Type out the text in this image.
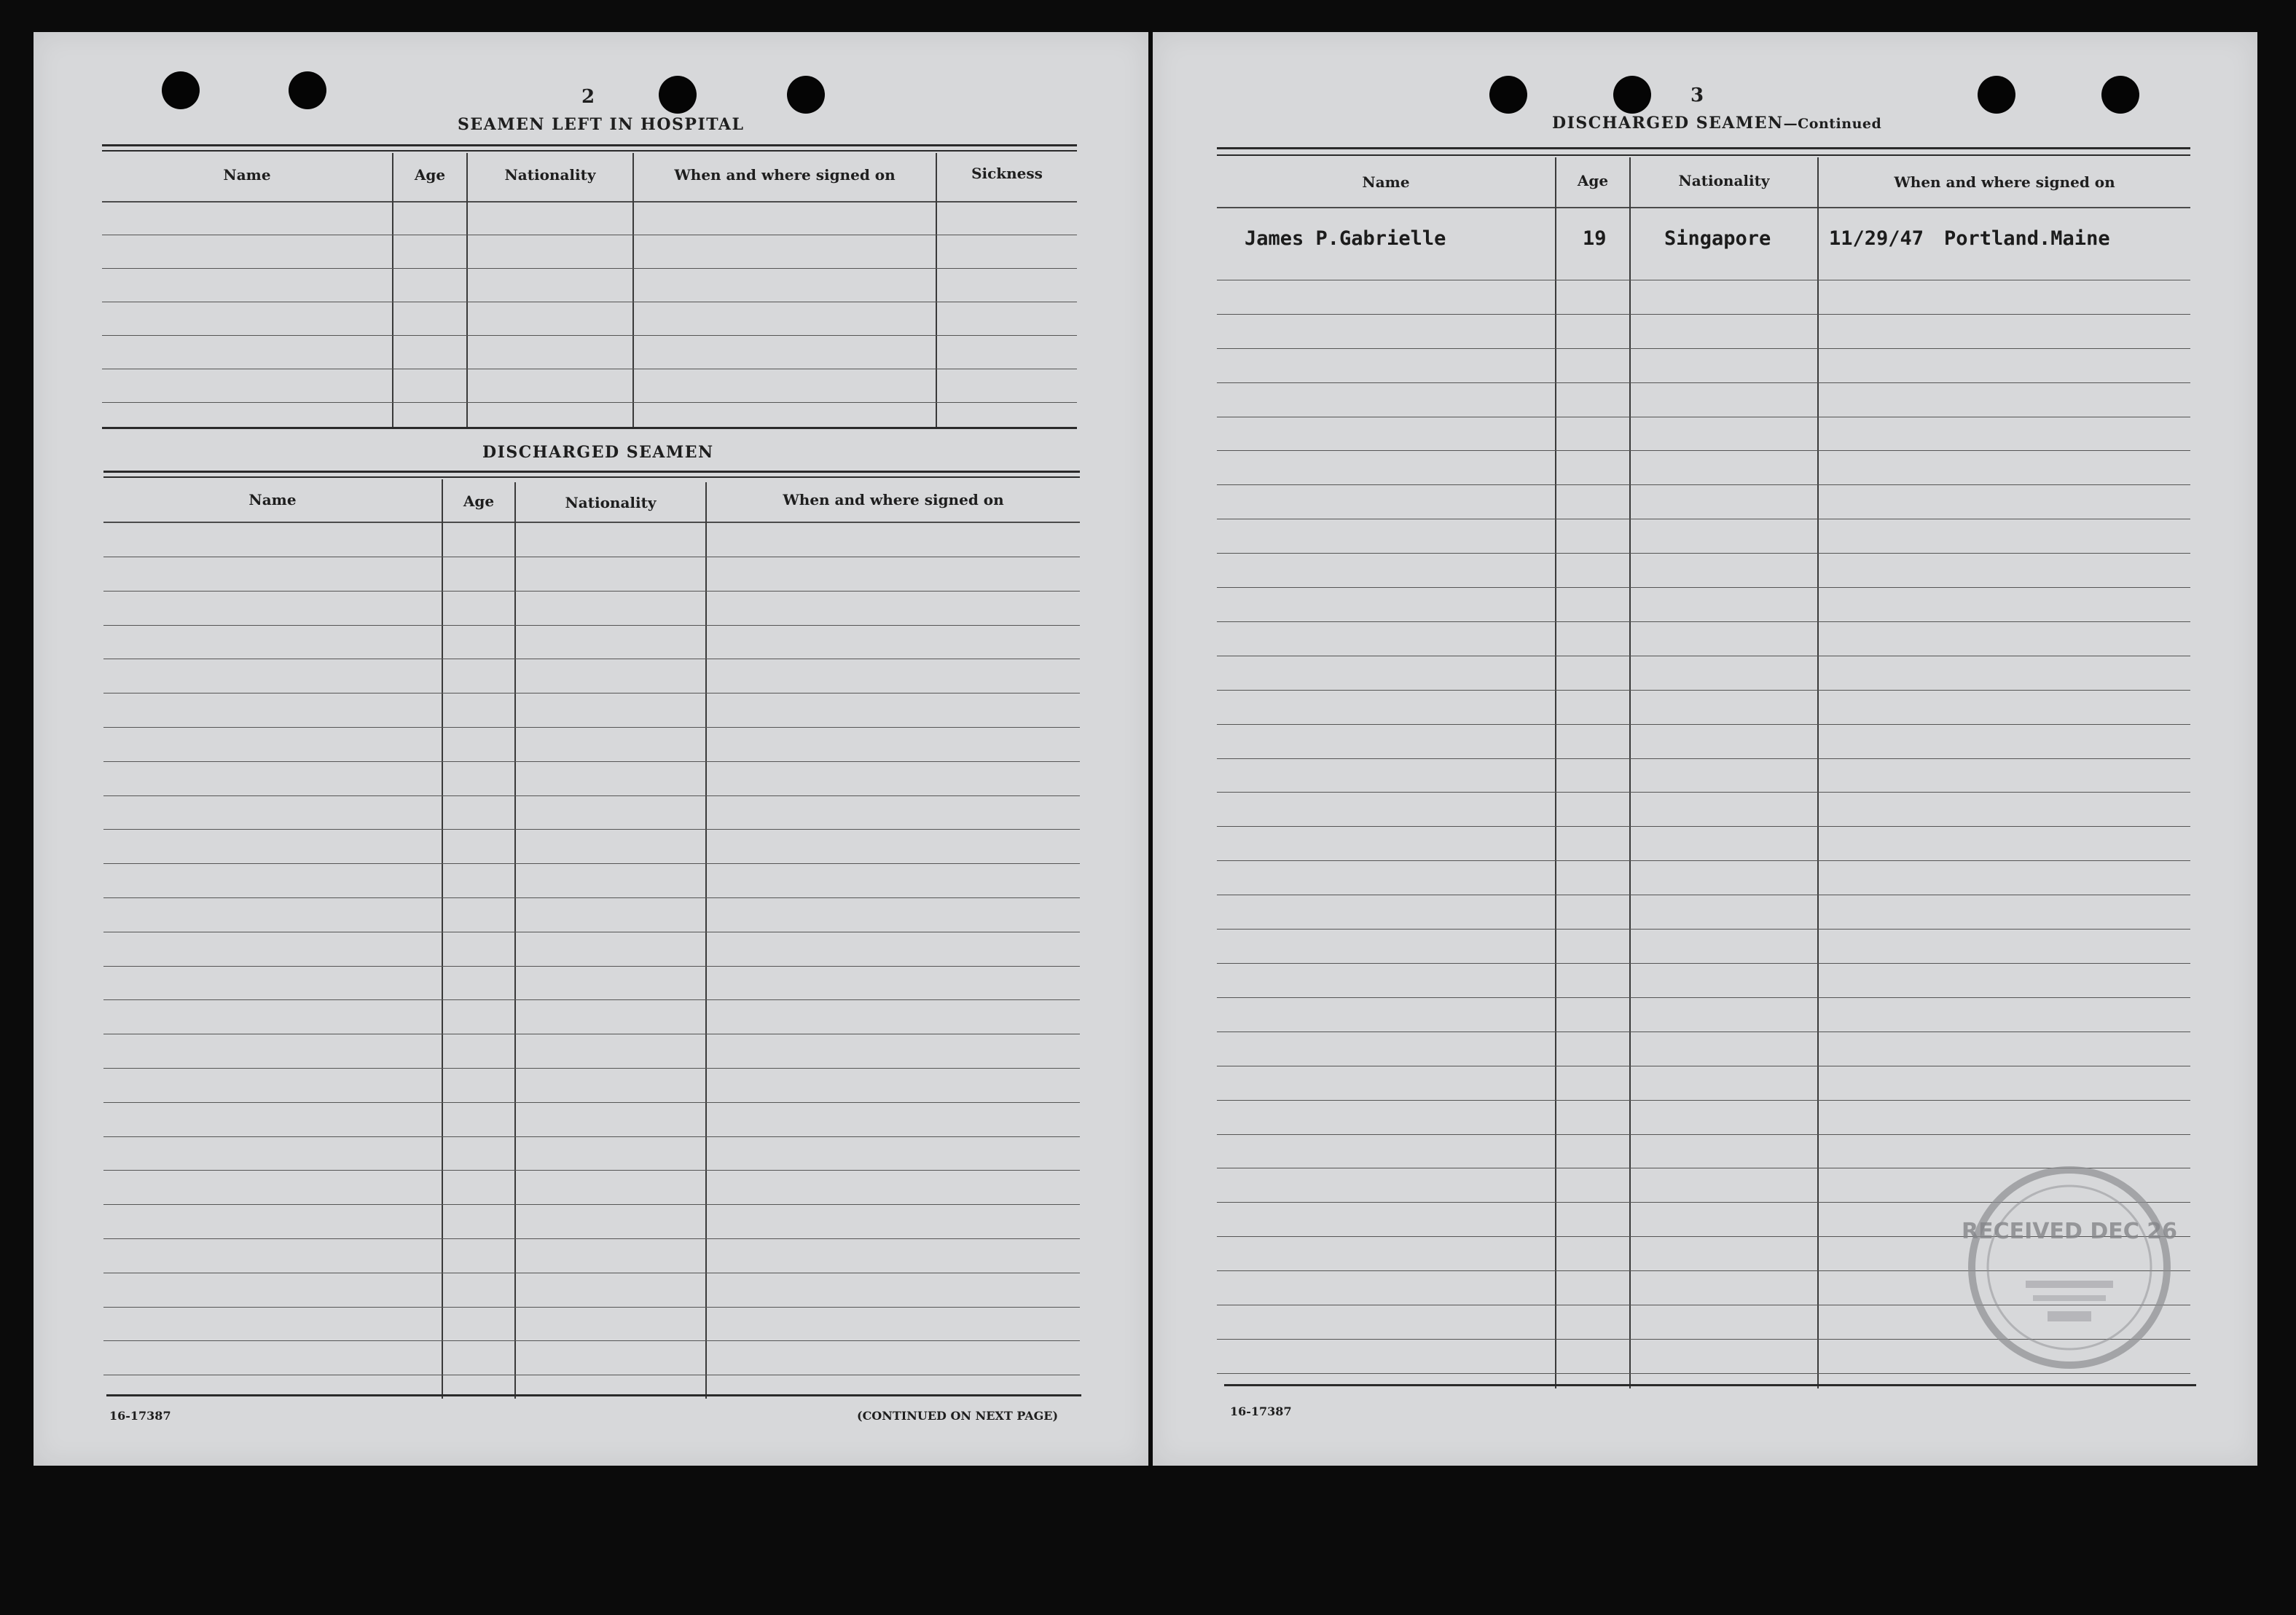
2
SEAMEN LEFT IN HOSPITAL
Name	Age	Nationality	When and where signed on	Sickness
DISCHARGED SEAMEN
Name	Age	Nationality	When and where signed on
16-17387	(CONTINUED ON NEXT PAGE)
3
DISCHARGED SEAMEN—Continued
Name	Age	Nationality	When and where signed on
James P.Gabrielle	19	Singapore	11/29/47 Portland.Maine
16-17387
RECEIVED DEC 26
